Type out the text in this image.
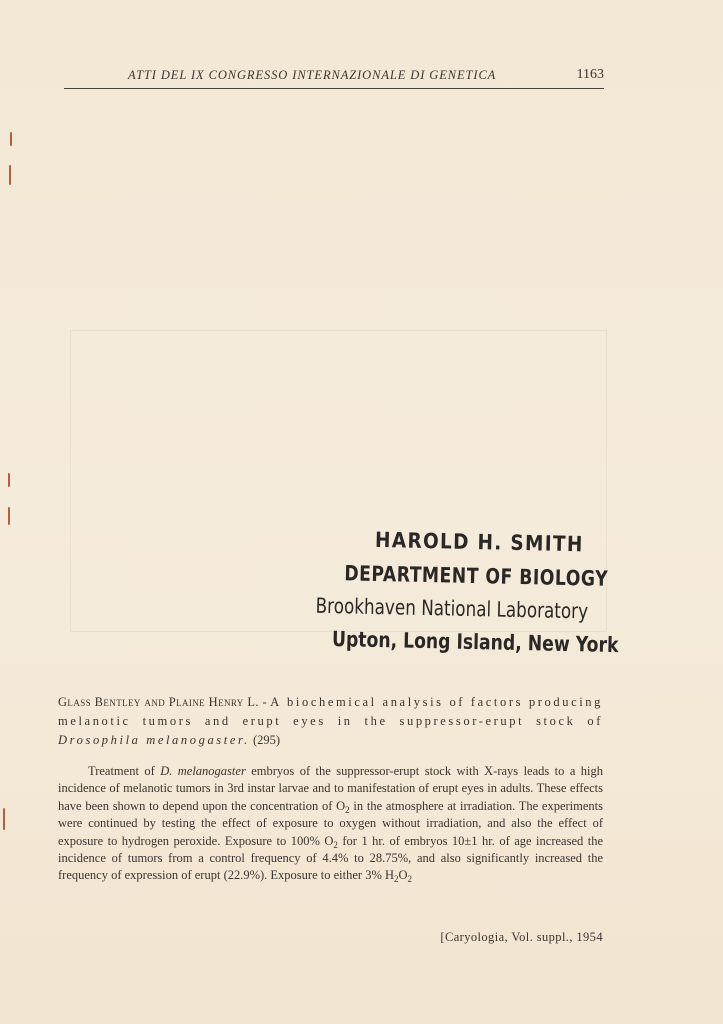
ATTI DEL IX CONGRESSO INTERNAZIONALE DI GENETICA	1163
HAROLD H. SMITH
DEPARTMENT OF BIOLOGY
Brookhaven National Laboratory
Upton, Long Island, New York
Glass Bentley and Plaine Henry L. - A biochemical analysis of factors producing melanotic tumors and erupt eyes in the suppressor-erupt stock of Drosophila melanogaster. (295)
Treatment of D. melanogaster embryos of the suppressor-erupt stock with X-rays leads to a high incidence of melanotic tumors in 3rd instar larvae and to manifestation of erupt eyes in adults. These effects have been shown to depend upon the concentration of $O_2$ in the atmosphere at irradiation. The experiments were continued by testing the effect of exposure to oxygen without irradiation, and also the effect of exposure to hydrogen peroxide. Exposure to 100% $O_2$ for 1 hr. of embryos 10±1 hr. of age increased the incidence of tumors from a control frequency of 4.4% to 28.75%, and also significantly increased the frequency of expression of erupt (22.9%). Exposure to either 3% $H_2O_2$
[Caryologia, Vol. suppl., 1954
